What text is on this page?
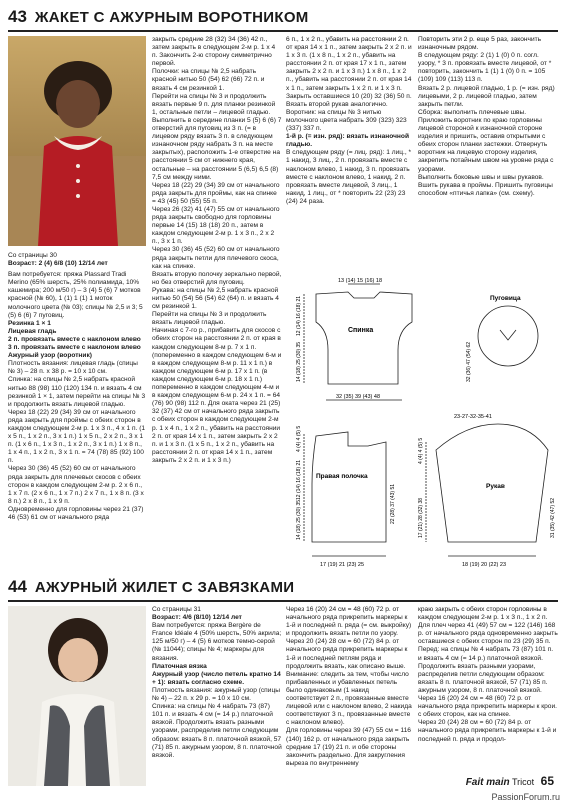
43 ЖАКЕТ С АЖУРНЫМ ВОРОТНИКОМ

Со страницы 30

Возраст: 2 (4) 6/8 (10) 12/14 лет

Вам потребуется: пряжа Plassard Tradi Merino (65% шерсть, 25% полиамида, 10% кашемира; 200 м/50 г) – 3 (4) 5 (6) 7 мотков красной (№ 60), 1 (1) 1 (1) 1 моток молочного цвета (№ 03); спицы № 2,5 и 3; 5 (5) 6 (6) 7 пуговиц.

Резинка 1 × 1

Лицевая гладь

2 п. провязать вместе с наклоном влево

3 п. провязать вместе с наклоном влево

Ажурный узор (воротник)

Плотность вязания: лицевая гладь (спицы № 3) – 28 п. х 38 р. = 10 х 10 см.

Спинка: на спицы № 2,5 набрать красной нитью 88 (98) 110 (120) 134 п. и вязать 4 см резинкой 1 × 1, затем перейти на спицы № 3 и продолжить вязать лицевой гладью.

Через 18 (22) 29 (34) 39 см от начального ряда закрыть для проймы с обеих сторон в каждом следующем 2-м р. 1 х 3 п., 4 х 1 п. (1 х 5 п., 1 х 2 п., 3 х 1 п.) 1 х 5 п., 2 х 2 п., 3 х 1 п. (1 х 6 п., 1 х 3 п., 1 х 2 п., 3 х 1 п.) 1 х 8 п., 1 х 4 п., 1 х 2 п., 3 х 1 п. = 74 (78) 85 (92) 100 п.

Через 30 (36) 45 (52) 60 см от начального ряда закрыть для плечевых скосов с обеих сторон в каждом следующем 2-м р. 2 х 6 п., 1 х 7 п. (2 х 6 п., 1 х 7 п.) 2 х 7 п., 1 х 8 п. (3 х 8 п.) 2 х 8 п., 1 х 9 п.

Одновременно для горловины через 21 (37) 46 (53) 61 см от начального ряда

закрыть средние 28 (32) 34 (36) 42 п., затем закрыть в следующем 2-м р. 1 х 4 п. Закончить 2-ю сторону симметрично первой.

Полочки: на спицы № 2,5 набрать красной нитью 50 (54) 62 (66) 72 п. и вязать 4 см резинкой 1.

Перейти на спицы № 3 и продолжить вязать первые 9 п. для планки резинкой 1, остальные петли – лицевой гладью.

Выполнить в середине планки 5 (5) 6 (6) 7 отверстий для пуговиц из 3 п. (= в лицевом ряду вязать 3 п. в следующем изнаночном ряду набрать 3 п. на месте закрытых), расположить 1-е отверстие на расстоянии 5 см от нижнего края, остальные – на расстоянии 5 (6,5) 6,5 (8) 7,5 см между ними.

Через 18 (22) 29 (34) 39 см от начального ряда закрыть для проймы, как на спинке = 43 (45) 50 (55) 55 п.

Через 26 (32) 41 (47) 55 см от начального ряда закрыть свободно для горловины первые 14 (15) 18 (18) 20 п., затем в каждом следующем 2-м р. 1 х 3 п., 2 х 2 п., 3 х 1 п.

Через 30 (36) 45 (52) 60 см от начального ряда закрыть петли для плечевого скоса, как на спинке.

Вязать вторую полочку зеркально первой, но без отверстий для пуговиц.

Рукава: на спицы № 2,5 набрать красной нитью 50 (54) 56 (54) 62 (64) п. и вязать 4 см резинкой 1.

Перейти на спицы № 3 и продолжить вязать лицевой гладью.

Начиная с 7-го р., прибавить для скосов с обеих сторон на расстоянии 2 п. от края в каждом следующем 8-м р. 7 х 1 п. (попеременно в каждом следующем 6-м и в каждом следующем 8-м р. 11 х 1 п.) в каждом следующем 6-м р. 17 х 1 п. (в каждом следующем 6-м р. 18 х 1 п.) попеременно в каждом следующем 4-м и в каждом следующем 6-м р. 24 х 1 п. = 64 (76) 90 (98) 112 п. Для оката через 21 (25) 32 (37) 42 см от начального ряда закрыть с обеих сторон в каждом следующем 2-м р. 1 х 4 п., 1 х 2 п., убавить на расстоянии 2 п. от края 14 х 1 п., затем закрыть 2 х 2 п. и 1 х 3 п. (1 х 5 п., 1 х 2 п., убавить на расстоянии 2 п. от края 14 х 1 п., затем закрыть 2 х 2 п. и 1 х 3 п.)

6 п., 1 х 2 п., убавить на расстоянии 2 п. от края 14 х 1 п., затем закрыть 2 х 2 п. и 1 х 3 п. (1 х 8 п., 1 х 2 п., убавить на расстоянии 2 п. от края 17 х 1 п., затем закрыть 2 х 2 п. и 1 х 3 п.) 1 х 8 п., 1 х 2 п., убавить на расстоянии 2 п. от края 14 х 1 п., затем закрыть 1 х 2 п. и 1 х 3 п. Закрыть оставшиеся 10 (20) 32 (36) 50 п.

Вязать второй рукав аналогично.

Воротник: на спицы № 3 нитью молочного цвета набрать 309 (323) 323 (337) 337 п.

1-й р. (= изн. ряд): вязать изнаночной гладью.

В следующем ряду (= лиц. ряд): 1 лиц., * 1 накид, 3 лиц., 2 п. провязать вместе с наклоном влево, 1 накид, 3 п. провязать вместе с наклоном влево, 1 накид, 2 п. провязать вместе лицевой, 3 лиц., 1 накид, 1 лиц., от * повторить 22 (23) 23 (24) 24 раза.

Повторить эти 2 р. еще 5 раз, закончить изнаночным рядом.

В следующем ряду: 2 (1) 1 (0) 0 п. согл. узору, * 3 п. провязать вместе лицевой, от * повторить, закончить 1 (1) 1 (0) 0 п. = 105 (109) 109 (113) 113 п.

Вязать 2 р. лицевой гладью, 1 р. (= изн. ряд) лицевыми, 2 р. лицевой гладью, затем закрыть петли.

Сборка: выполнить плечевые швы. Приложить воротник по краю горловины лицевой стороной к изнаночной стороне изделия и пришить, оставив открытыми с обеих сторон планки застежки. Отвернуть воротник на лицевую сторону изделия, закрепить потайным швом на уровне ряда с узорами.

Выполнить боковые швы и швы рукавов. Вшить рукава в проймы. Пришить пуговицы способом «птичья лапка» (см. схему).

Спинка
13 (14) 15 (16) 18
32 (35) 39 (43) 48
12 (14) 16 (18) 21
14 (18) 25 (30) 35
Пуговица
32 (36) 47 (54) 62
Правая полочка
17 (19) 21 (23) 25
4 (4) 4 (5) 5
12 (14) 16 (18) 21
14 (18) 25 (30) 35	22 (28) 37 (43) 51	Рукав
23-27-32-35-41
18 (19) 20 (22) 23
4 (4) 4 (5) 5
17 (21) 28 (32) 38	31 (35) 42 (47) 52
44 АЖУРНЫЙ ЖИЛЕТ С ЗАВЯЗКАМИ

Со страницы 31

Возраст: 4/6 (8/10) 12/14 лет

Вам потребуется: пряжа Bergère de France Idéale 4 (50% шерсть, 50% акрила; 125 м/50 г) – 4 (5) 6 мотков темно-серой (№ 11044); спицы № 4; маркеры для вязания.

Платочная вязка

Ажурный узор (число петель кратно 14 + 1): вязать согласно схеме.

Плотность вязания: ажурный узор (спицы № 4) – 22 п. х 29 р. = 10 х 10 см.

Спинка: на спицы № 4 набрать 73 (87) 101 п. и вязать 4 см (= 14 р.) платочной вязкой. Продолжить вязать разными узорами, распределив петли следующим образом: вязать 8 п. платочной вязкой, 57 (71) 85 п. ажурным узором, 8 п. платочной вязкой.

Через 16 (20) 24 см = 48 (60) 72 р. от начального ряда прикрепить маркеры к 1-й и последней п. ряда (= см. выкройку) и продолжить вязать петли по узору.

Через 20 (24) 28 см = 60 (72) 84 р. от начального ряда прикрепить маркеры к 1-й и последней петлям ряда и продолжить вязать, как описано выше.

Внимание: следить за тем, чтобы число прибавленных и убавленных петель было одинаковым (1 накид соответствует 2 п., провязанные вместе лицевой или с наклоном влево, 2 накида соответствуют 3 п., провязанные вместе с наклоном влево).

Для горловины через 39 (47) 55 см = 116 (140) 162 р. от начального ряда закрыть средние 17 (19) 21 п. и обе стороны закончить раздельно. Для закругления выреза по внутреннему

краю закрыть с обеих сторон горловины в каждом следующем 2-м р. 1 х 3 п., 1 х 2 п.

Для плеч через 41 (49) 57 см = 122 (146) 168 р. от начального ряда одновременно закрыть оставшиеся с обеих сторон по 23 (29) 35 п.

Перед: на спицы № 4 набрать 73 (87) 101 п. и вязать 4 см (= 14 р.) платочной вязкой. Продолжить вязать разными узорами, распределив петли следующим образом: вязать 8 п. платочной вязкой, 57 (71) 85 п. ажурным узором, 8 п. платочной вязкой.

Через 16 (20) 24 см = 48 (60) 72 р. от начального ряда прикрепить маркеры к крои. с обеих сторон, как на спинке.

Через 20 (24) 28 см = 60 (72) 84 р. от начального ряда прикрепить маркеры к 1-й и последней п. ряда и продол-

Fait main Tricot 65
PassionForum.ru
